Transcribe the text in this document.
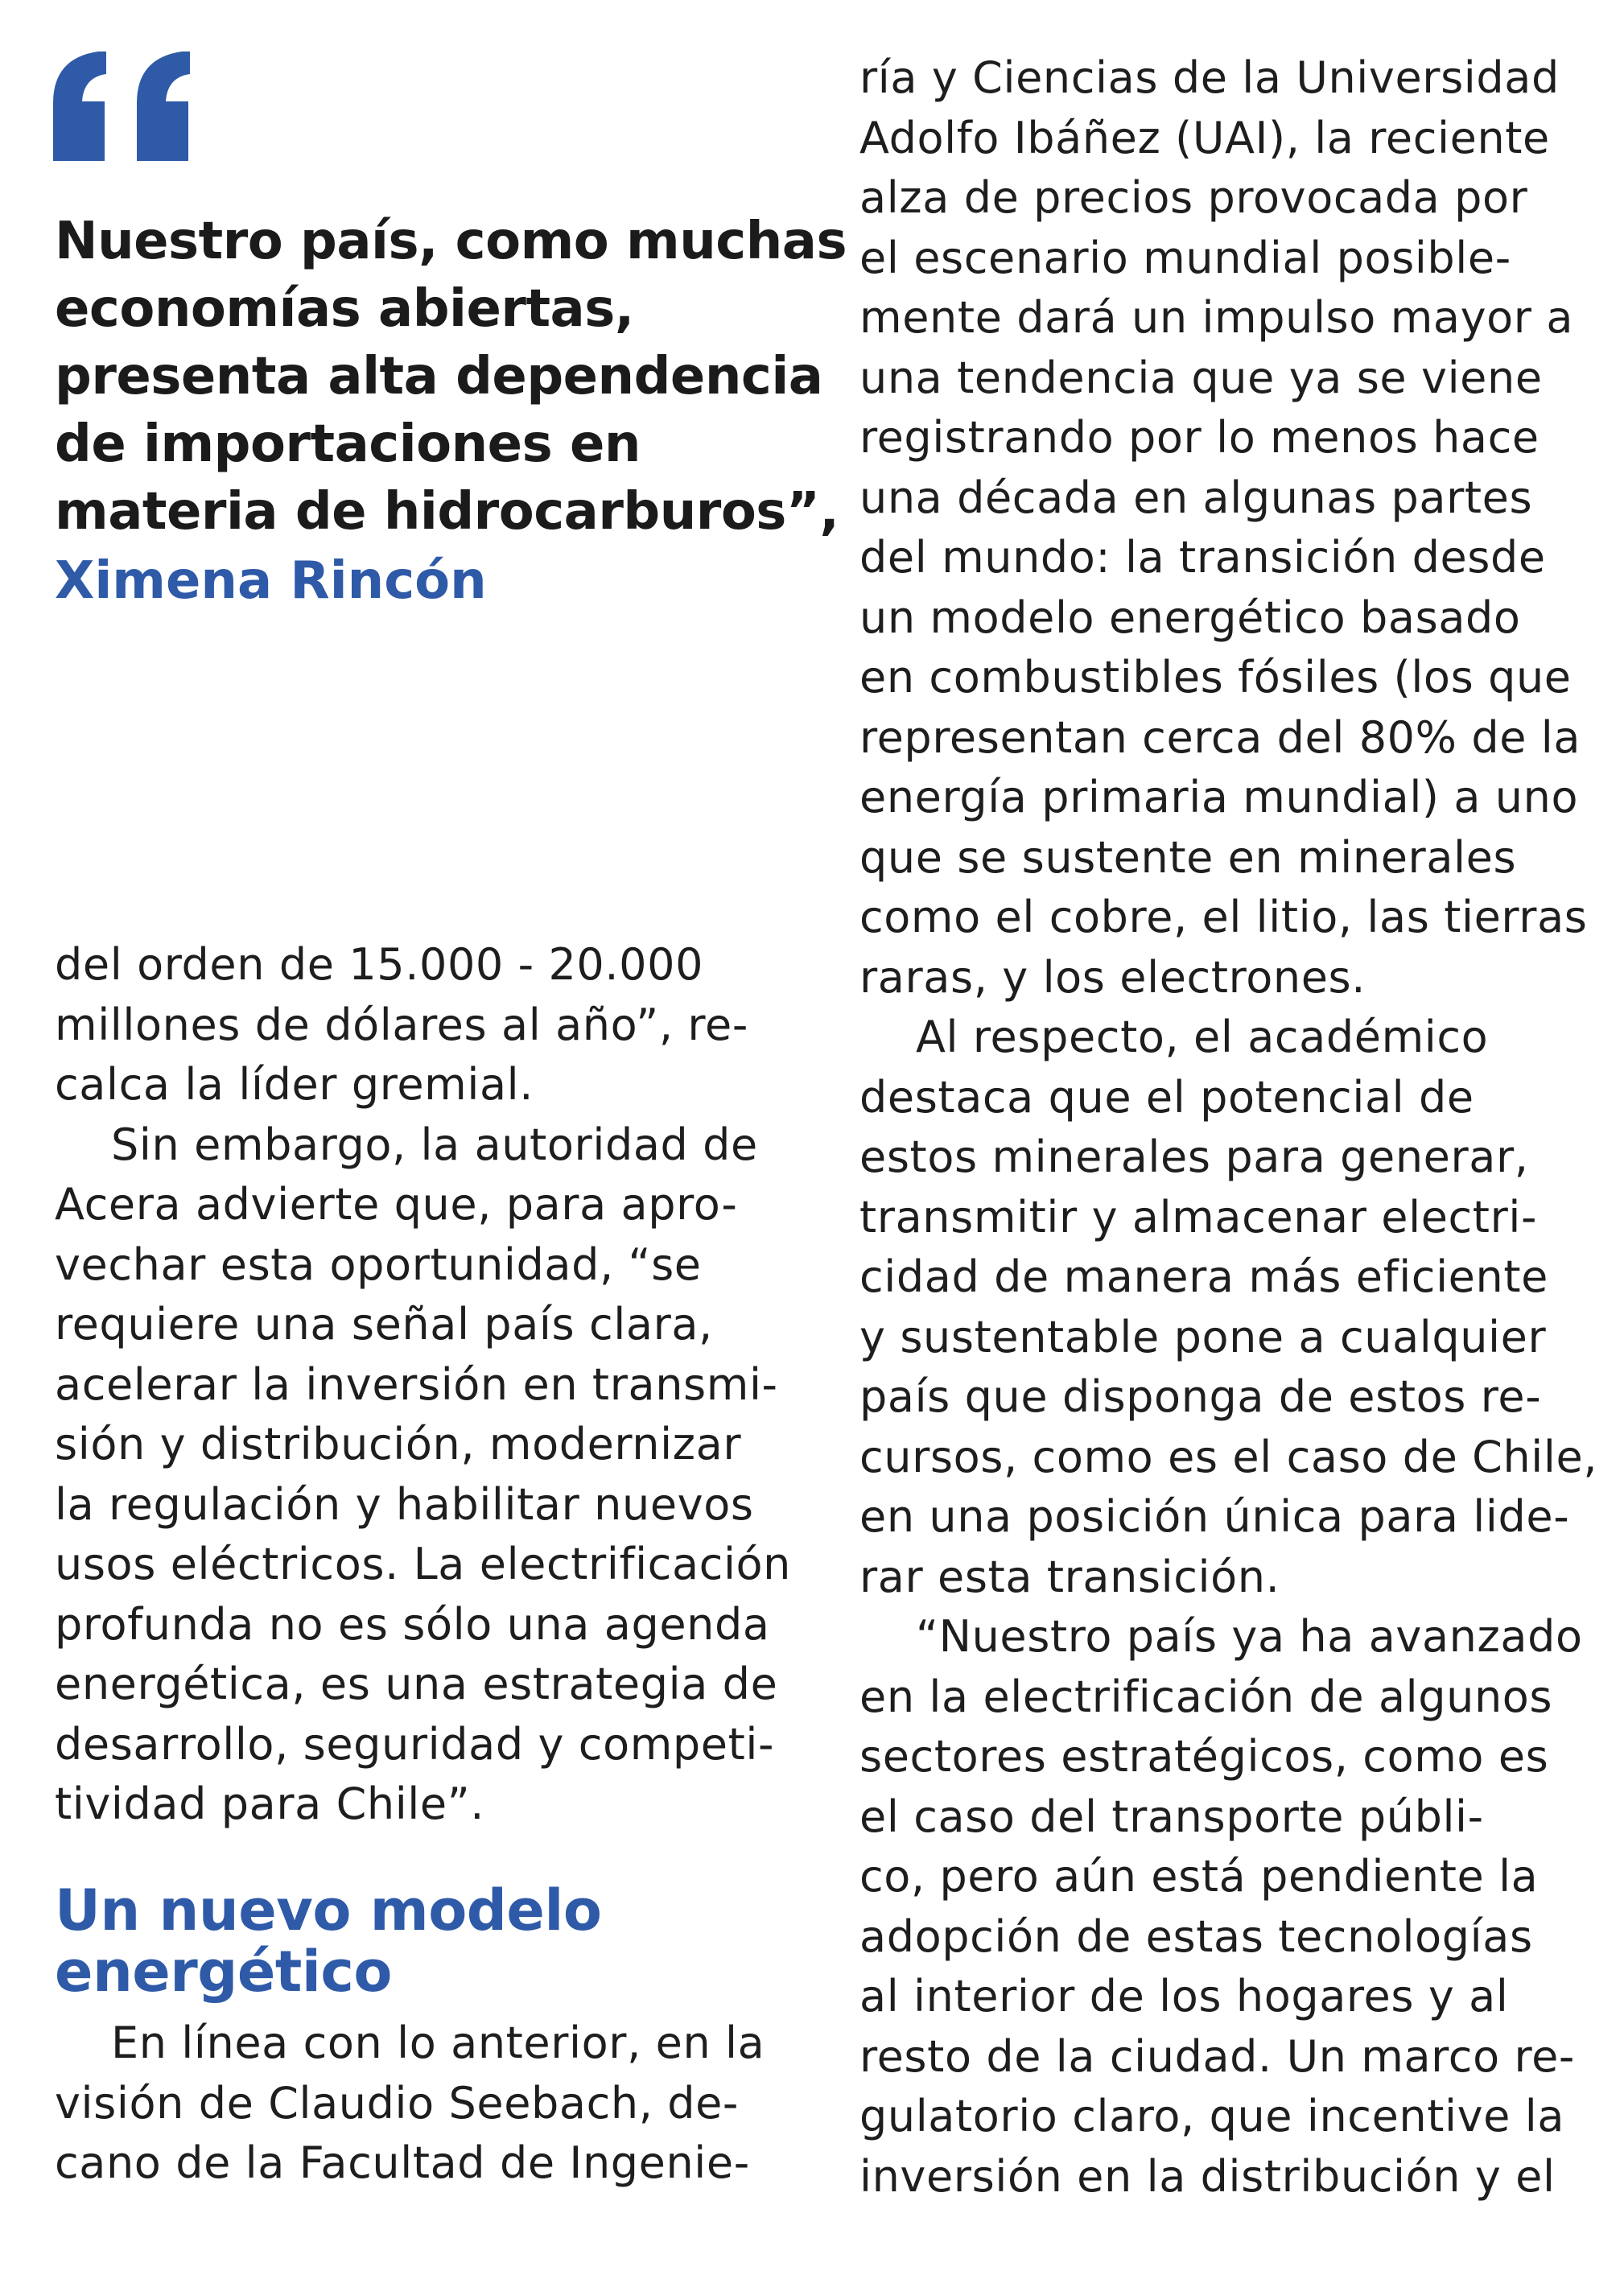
Nuestro país, como muchas
economías abiertas,
presenta alta dependencia
de importaciones en
materia de hidrocarburos”,
Ximena Rincón
del orden de 15.000 - 20.000
millones de dólares al año”, re-
calca la líder gremial.
Sin embargo, la autoridad de
Acera advierte que, para apro-
vechar esta oportunidad, “se
requiere una señal país clara,
acelerar la inversión en transmi-
sión y distribución, modernizar
la regulación y habilitar nuevos
usos eléctricos. La electrificación
profunda no es sólo una agenda
energética, es una estrategia de
desarrollo, seguridad y competi-
tividad para Chile”.
Un nuevo modelo
energético
En línea con lo anterior, en la
visión de Claudio Seebach, de-
cano de la Facultad de Ingenie-
ría y Ciencias de la Universidad
Adolfo Ibáñez (UAI), la reciente
alza de precios provocada por
el escenario mundial posible-
mente dará un impulso mayor a
una tendencia que ya se viene
registrando por lo menos hace
una década en algunas partes
del mundo: la transición desde
un modelo energético basado
en combustibles fósiles (los que
representan cerca del 80% de la
energía primaria mundial) a uno
que se sustente en minerales
como el cobre, el litio, las tierras
raras, y los electrones.
Al respecto, el académico
destaca que el potencial de
estos minerales para generar,
transmitir y almacenar electri-
cidad de manera más eficiente
y sustentable pone a cualquier
país que disponga de estos re-
cursos, como es el caso de Chile,
en una posición única para lide-
rar esta transición.
“Nuestro país ya ha avanzado
en la electrificación de algunos
sectores estratégicos, como es
el caso del transporte públi-
co, pero aún está pendiente la
adopción de estas tecnologías
al interior de los hogares y al
resto de la ciudad. Un marco re-
gulatorio claro, que incentive la
inversión en la distribución y el
